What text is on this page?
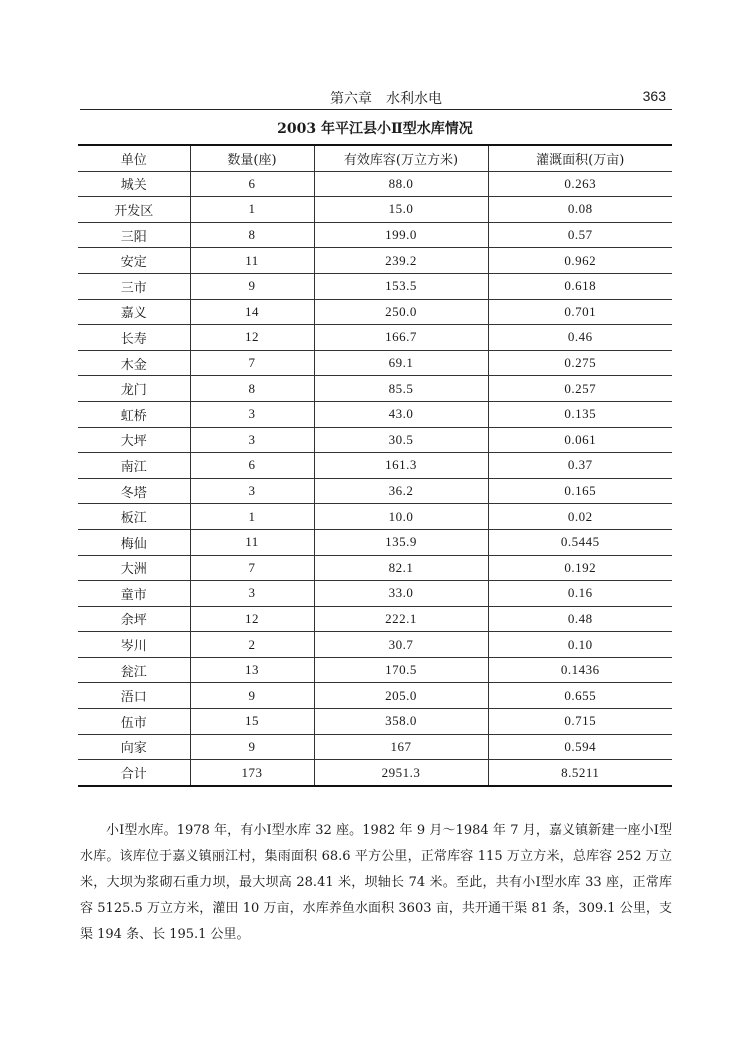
第六章　水利水电	363
2003 年平江县小Ⅱ型水库情况
单位	数量(座)	有效库容(万立方米)	灌溉面积(万亩)
城关	6	88.0	0.263
开发区	1	15.0	0.08
三阳	8	199.0	0.57
安定	11	239.2	0.962
三市	9	153.5	0.618
嘉义	14	250.0	0.701
长寿	12	166.7	0.46
木金	7	69.1	0.275
龙门	8	85.5	0.257
虹桥	3	43.0	0.135
大坪	3	30.5	0.061
南江	6	161.3	0.37
冬塔	3	36.2	0.165
板江	1	10.0	0.02
梅仙	11	135.9	0.5445
大洲	7	82.1	0.192
童市	3	33.0	0.16
余坪	12	222.1	0.48
岑川	2	30.7	0.10
瓮江	13	170.5	0.1436
浯口	9	205.0	0.655
伍市	15	358.0	0.715
向家	9	167	0.594
合计	173	2951.3	8.5211

小Ⅰ型水库。1978 年，有小Ⅰ型水库 32 座。1982 年 9 月～1984 年 7 月，嘉义镇新建一座小Ⅰ型水库。该库位于嘉义镇丽江村，集雨面积 68.6 平方公里，正常库容 115 万立方米，总库容 252 万立米，大坝为浆砌石重力坝，最大坝高 28.41 米，坝轴长 74 米。至此，共有小Ⅰ型水库 33 座，正常库容 5125.5 万立方米，灌田 10 万亩，水库养鱼水面积 3603 亩，共开通干渠 81 条，309.1 公里，支渠 194 条、长 195.1 公里。
